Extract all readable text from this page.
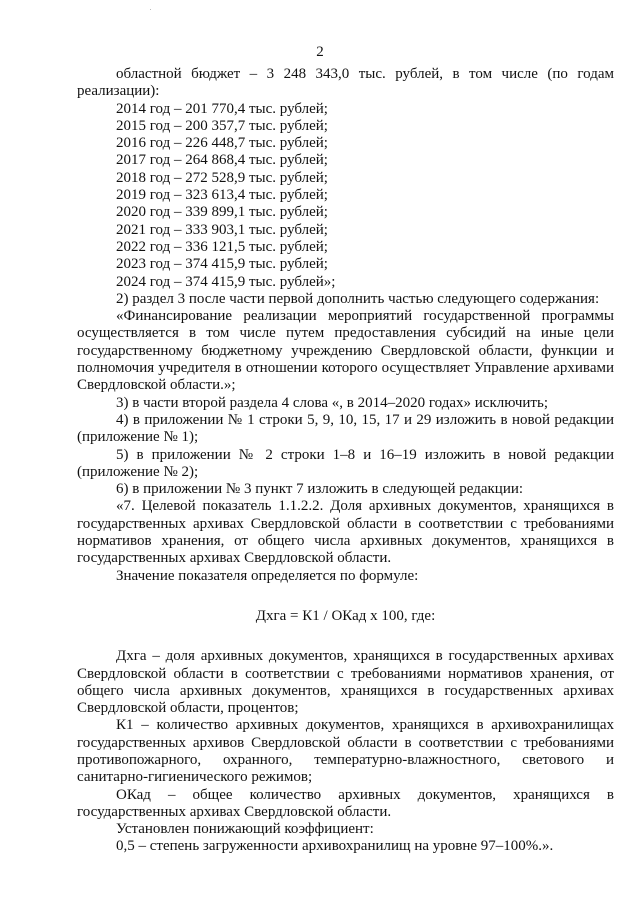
2

областной бюджет – 3 248 343,0 тыс. рублей, в том числе (по годам реализации):

2014 год – 201 770,4 тыс. рублей;

2015 год – 200 357,7 тыс. рублей;

2016 год – 226 448,7 тыс. рублей;

2017 год – 264 868,4 тыс. рублей;

2018 год – 272 528,9 тыс. рублей;

2019 год – 323 613,4 тыс. рублей;

2020 год – 339 899,1 тыс. рублей;

2021 год – 333 903,1 тыс. рублей;

2022 год – 336 121,5 тыс. рублей;

2023 год – 374 415,9 тыс. рублей;

2024 год – 374 415,9 тыс. рублей»;

2) раздел 3 после части первой дополнить частью следующего содержания:

«Финансирование реализации мероприятий государственной программы осуществляется в том числе путем предоставления субсидий на иные цели государственному бюджетному учреждению Свердловской области, функции и полномочия учредителя в отношении которого осуществляет Управление архивами Свердловской области.»;

3) в части второй раздела 4 слова «, в 2014–2020 годах» исключить;

4) в приложении № 1 строки 5, 9, 10, 15, 17 и 29 изложить в новой редакции (приложение № 1);

5) в приложении № 2 строки 1–8 и 16–19 изложить в новой редакции (приложение № 2);

6) в приложении № 3 пункт 7 изложить в следующей редакции:

«7. Целевой показатель 1.1.2.2. Доля архивных документов, хранящихся в государственных архивах Свердловской области в соответствии с требованиями нормативов хранения, от общего числа архивных документов, хранящихся в государственных архивах Свердловской области.

Значение показателя определяется по формуле:

Дхга = К1 / ОКад х 100, где:

Дхга – доля архивных документов, хранящихся в государственных архивах Свердловской области в соответствии с требованиями нормативов хранения, от общего числа архивных документов, хранящихся в государственных архивах Свердловской области, процентов;

К1 – количество архивных документов, хранящихся в архивохранилищах государственных архивов Свердловской области в соответствии с требованиями противопожарного, охранного, температурно-влажностного, светового и санитарно-гигиенического режимов;

ОКад – общее количество архивных документов, хранящихся в государственных архивах Свердловской области.

Установлен понижающий коэффициент:

0,5 – степень загруженности архивохранилищ на уровне 97–100%.».
